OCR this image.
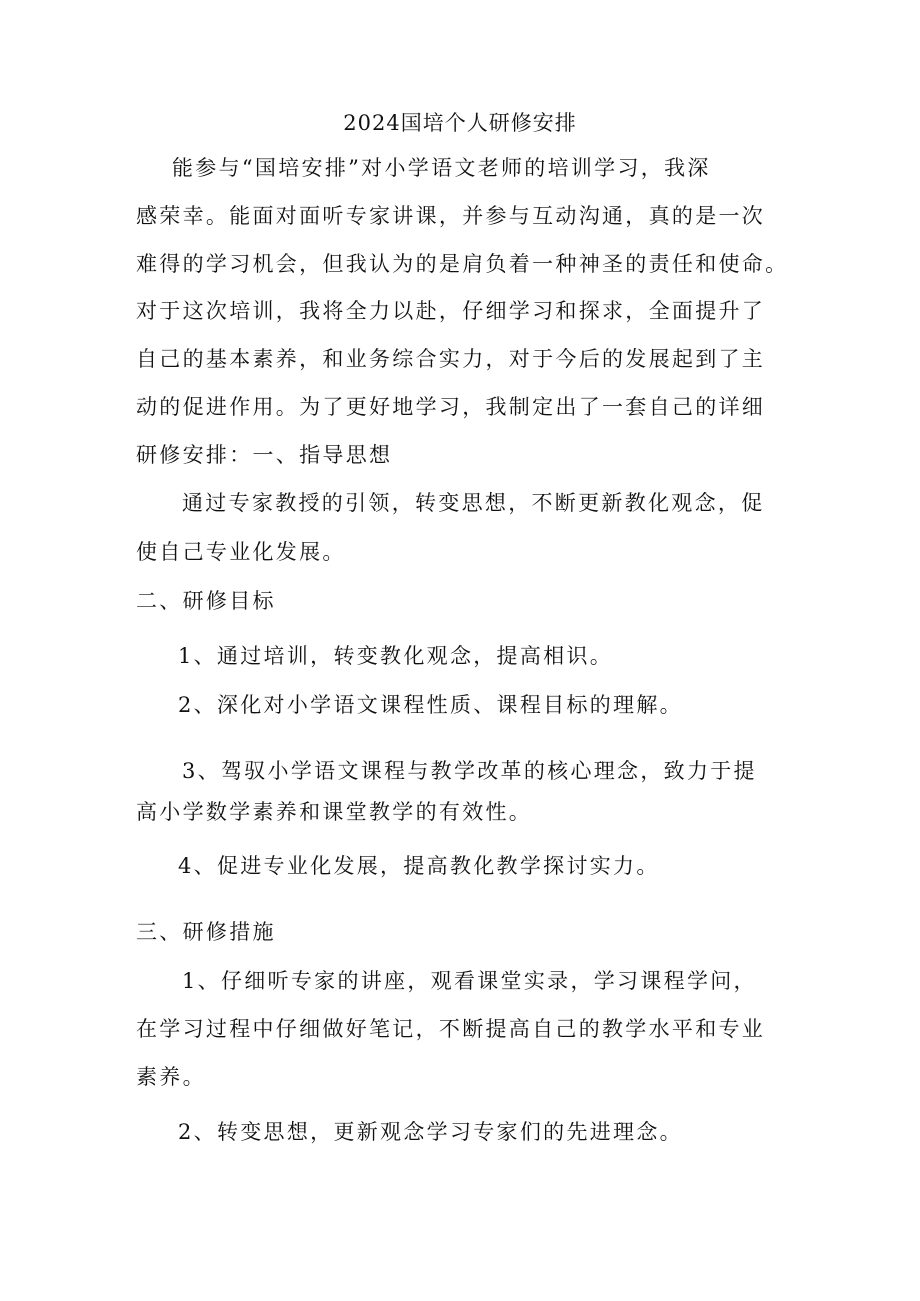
2024国培个人研修安排
能参与“国培安排”对小学语文老师的培训学习，我深
感荣幸。能面对面听专家讲课，并参与互动沟通，真的是一次
难得的学习机会，但我认为的是肩负着一种神圣的责任和使命。
对于这次培训，我将全力以赴，仔细学习和探求，全面提升了
自己的基本素养，和业务综合实力，对于今后的发展起到了主
动的促进作用。为了更好地学习，我制定出了一套自己的详细
研修安排：一、指导思想
通过专家教授的引领，转变思想，不断更新教化观念，促
使自己专业化发展。
二、研修目标
1、通过培训，转变教化观念，提高相识。
2、深化对小学语文课程性质、课程目标的理解。
3、驾驭小学语文课程与教学改革的核心理念，致力于提
高小学数学素养和课堂教学的有效性。
4、促进专业化发展，提高教化教学探讨实力。
三、研修措施
1、仔细听专家的讲座，观看课堂实录，学习课程学问，
在学习过程中仔细做好笔记，不断提高自己的教学水平和专业
素养。
2、转变思想，更新观念学习专家们的先进理念。
